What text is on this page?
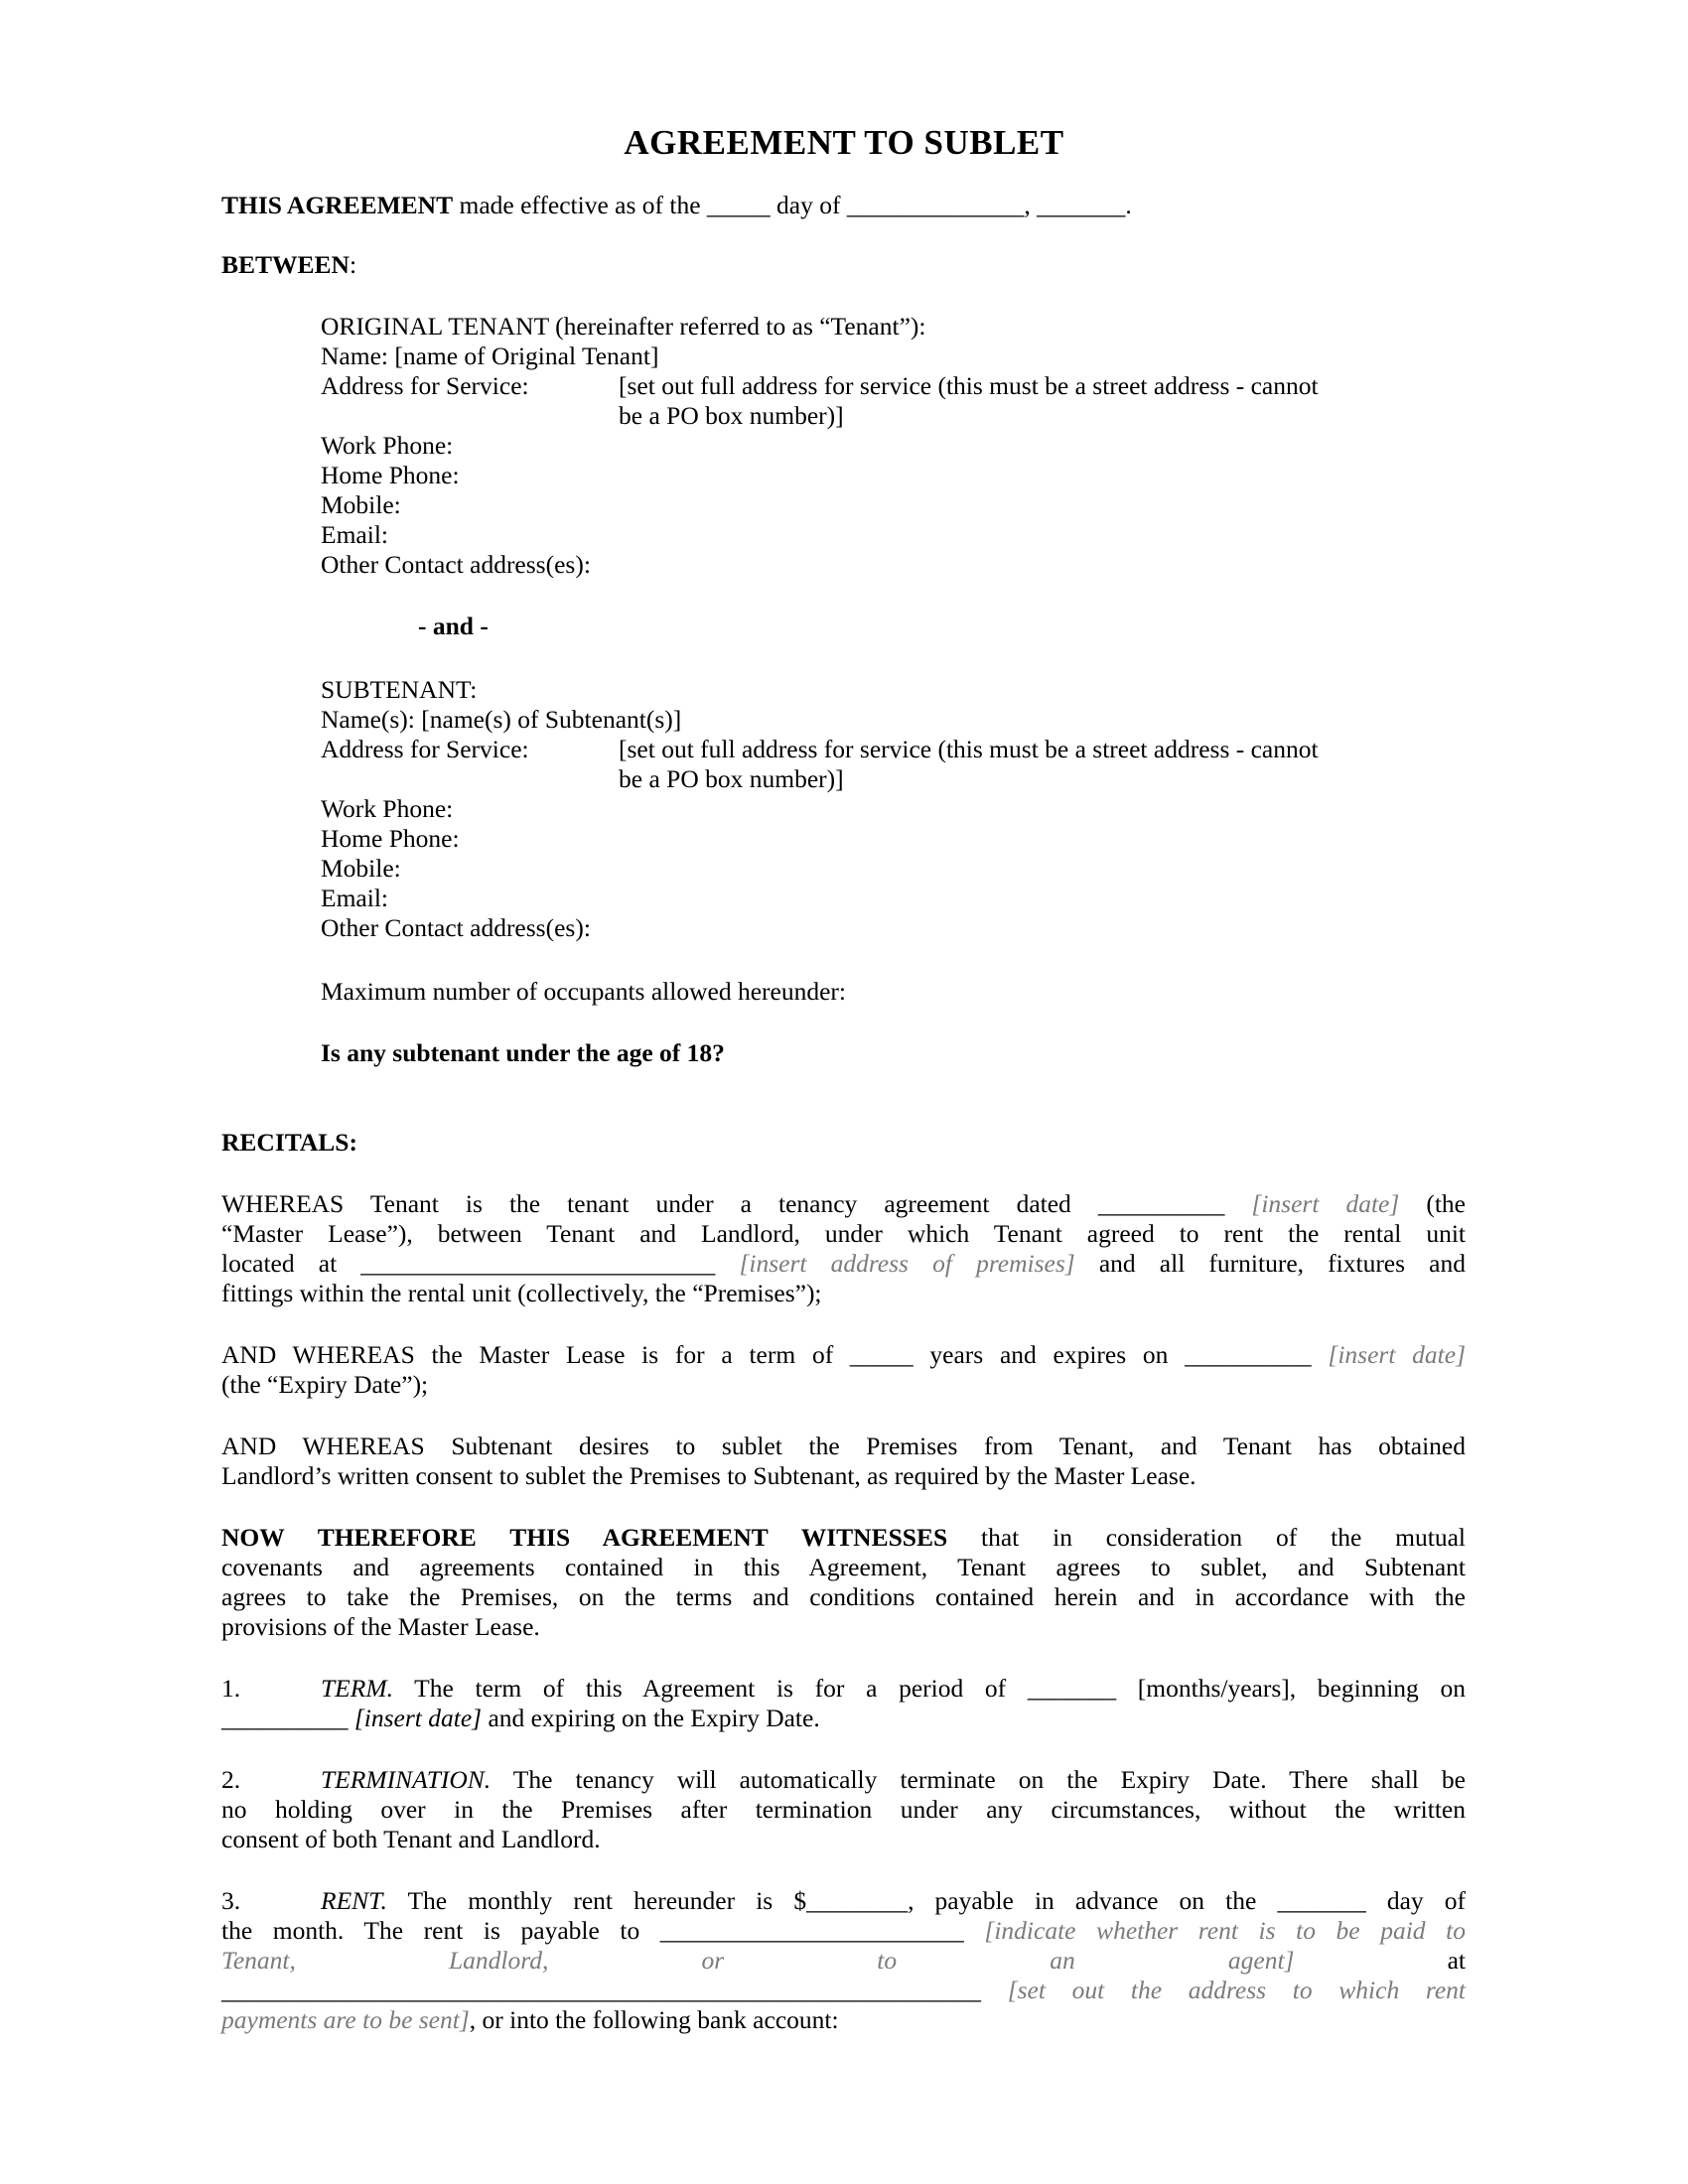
AGREEMENT TO SUBLET
THIS AGREEMENT made effective as of the _____ day of ______________, _______.
BETWEEN:
ORIGINAL TENANT (hereinafter referred to as “Tenant”):
Name: [name of Original Tenant]
Address for Service:	[set out full address for service (this must be a street address - cannot
be a PO box number)]
Work Phone:
Home Phone:
Mobile:
Email:
Other Contact address(es):
- and -
SUBTENANT:
Name(s): [name(s) of Subtenant(s)]
Address for Service:	[set out full address for service (this must be a street address - cannot
be a PO box number)]
Work Phone:
Home Phone:
Mobile:
Email:
Other Contact address(es):
Maximum number of occupants allowed hereunder:
Is any subtenant under the age of 18?
RECITALS:
WHEREAS Tenant is the tenant under a tenancy agreement dated __________ [insert date] (the
“Master Lease”), between Tenant and Landlord, under which Tenant agreed to rent the rental unit
located at ____________________________ [insert address of premises] and all furniture, fixtures and
fittings within the rental unit (collectively, the “Premises”);
AND WHEREAS the Master Lease is for a term of _____ years and expires on __________ [insert date]
(the “Expiry Date”);
AND WHEREAS Subtenant desires to sublet the Premises from Tenant, and Tenant has obtained
Landlord’s written consent to sublet the Premises to Subtenant, as required by the Master Lease.
NOW THEREFORE THIS AGREEMENT WITNESSES that in consideration of the mutual
covenants and agreements contained in this Agreement, Tenant agrees to sublet, and Subtenant
agrees to take the Premises, on the terms and conditions contained herein and in accordance with the
provisions of the Master Lease.
1.	TERM. The term of this Agreement is for a period of _______ [months/years], beginning on
__________ [insert date] and expiring on the Expiry Date.
2.	TERMINATION. The tenancy will automatically terminate on the Expiry Date. There shall be
no holding over in the Premises after termination under any circumstances, without the written
consent of both Tenant and Landlord.
3.	RENT. The monthly rent hereunder is $________, payable in advance on the _______ day of
the month. The rent is payable to ________________________ [indicate whether rent is to be paid to
Tenant, Landlord, or to an agent]	at
____________________________________________________________ [set out the address to which rent
payments are to be sent], or into the following bank account:
